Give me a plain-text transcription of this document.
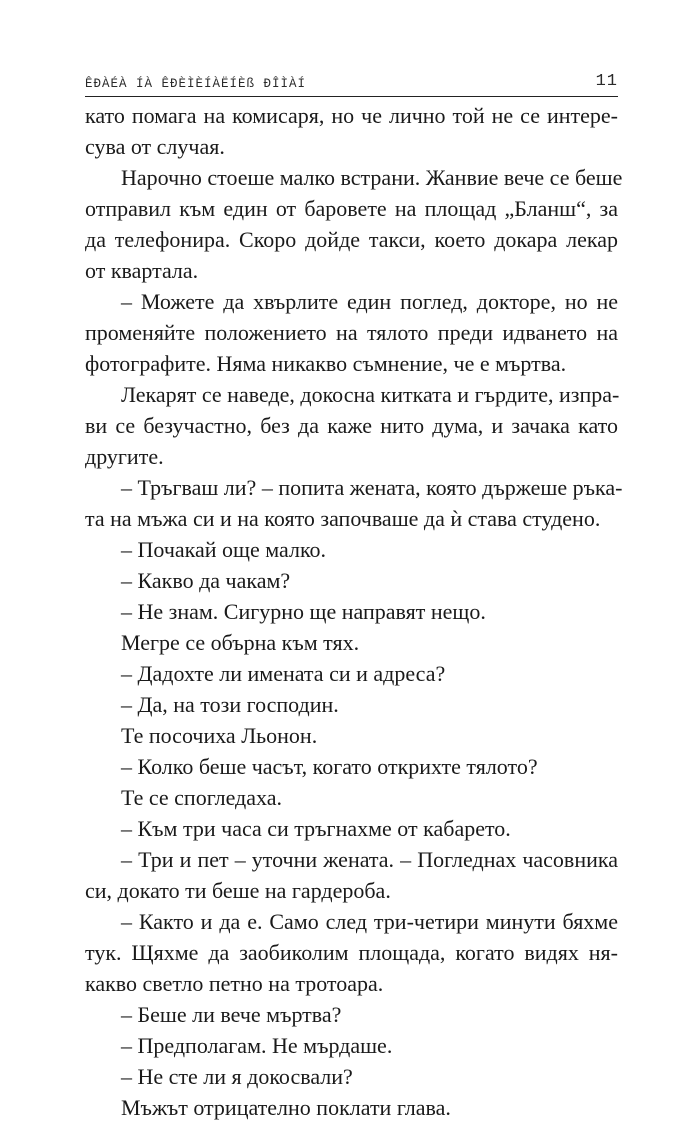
ÊÐÀÉÀ ÍÀ ÊÐÈÌÈÍÀËÍÈß ÐÎÌÀÍ	11
като помага на комисаря, но че лично той не се интере-
сува от случая.
Нарочно стоеше малко встрани. Жанвие вече се беше
отправил към един от баровете на площад „Бланш“, за
да телефонира. Скоро дойде такси, което докара лекар
от квартала.
– Можете да хвърлите един поглед, докторе, но не
променяйте положението на тялото преди идването на
фотографите. Няма никакво съмнение, че е мъртва.
Лекарят се наведе, докосна китката и гърдите, изпра-
ви се безучастно, без да каже нито дума, и зачака като
другите.
– Тръгваш ли? – попита жената, която държеше ръка-
та на мъжа си и на която започваше да ѝ става студено.
– Почакай още малко.
– Какво да чакам?
– Не знам. Сигурно ще направят нещо.
Мегре се обърна към тях.
– Дадохте ли имената си и адреса?
– Да, на този господин.
Те посочиха Льонон.
– Колко беше часът, когато открихте тялото?
Те се спогледаха.
– Към три часа си тръгнахме от кабарето.
– Три и пет – уточни жената. – Погледнах часовника
си, докато ти беше на гардероба.
– Както и да е. Само след три-четири минути бяхме
тук. Щяхме да заобиколим площада, когато видях ня-
какво светло петно на тротоара.
– Беше ли вече мъртва?
– Предполагам. Не мърдаше.
– Не сте ли я докосвали?
Мъжът отрицателно поклати глава.
